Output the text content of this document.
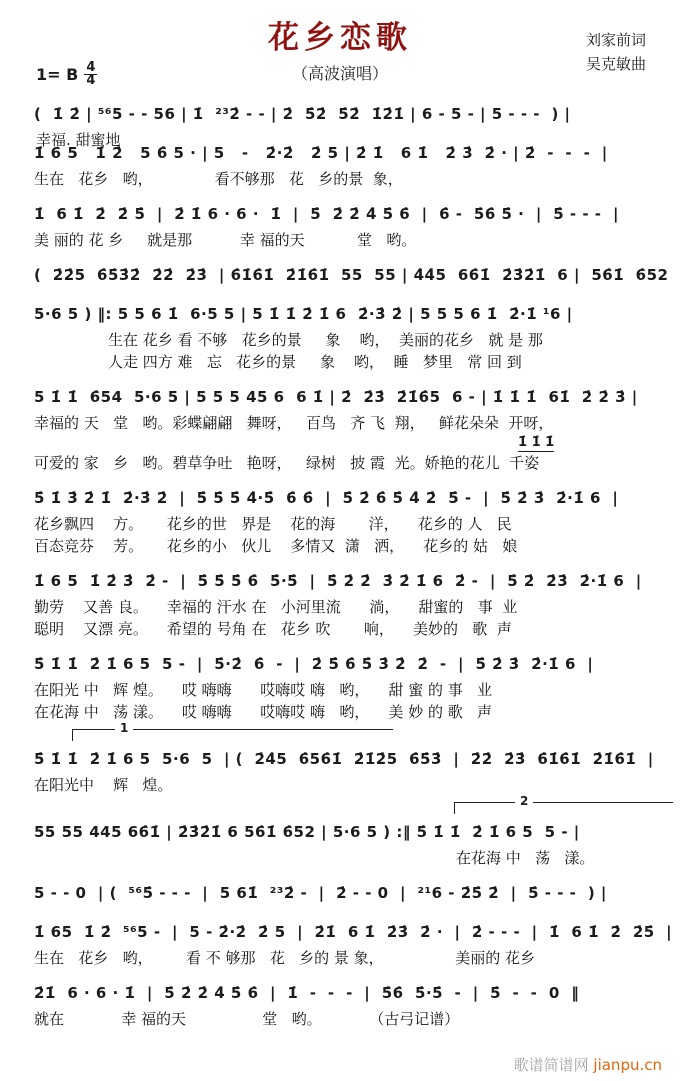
1= B $\frac{4}{4}$

幸福. 甜蜜地

花乡恋歌
（高波演唱）
刘家前词
吴克敏曲
(  1̇ 2̇ | ⁵⁶5 - - 56 | 1̇  ²³2̇ - - | 2̇  5̇2̇  5̇2̇  1̇2̇1̇ | 6 - 5 - | 5 - - -  ) |
1̇ 6 5   1̇ 2̇   5 6̇ 5 · | 5   -   2̇·2̇   2̇ 5 | 2̇ 1̇   6 1̇   2̇ 3̇  2̇ · | 2̇  -  -  -  |
生在   花乡   哟，             看不够那   花   乡的景  象，
1̇  6 1̇  2̇  2̇ 5̇  |  2̇ 1̇ 6 · 6 ·  1̇  |  5̇  2̇ 2̇ 4̇ 5̇ 6̇  |  6̇ -  5̇6̇ 5̇ ·  |  5̇ - - -  |
美 丽的 花 乡     就是那          幸 福的天           堂   哟。
(  2̇2̇5  6̇5̇3̇2̇  2̇2̇  2̇3̇  | 6̇1̇6̇1̇  2̇1̇6̇1̇  55  55 | 4̇4̇5  66̇1̇  2̇3̇2̇1̇  6 |  56̇1̇  6̇52
5·6 5 ) ‖: 5 5 6 1̇  6·5 5 | 5 1̇ 1̇ 2̇ 1̇ 6  2̇·3̇ 2̇ | 5 5 5 6 1̇  2̇·1̇ ¹6 |
生在 花乡 看 不够   花乡的景     象    哟，  美丽的花乡   就 是 那
人走 四方 难   忘   花乡的景     象    哟，  睡   梦里   常 回 到
5 1̇ 1̇  6̇54  5·6 5 | 5 5 5 45 6  6 1̇ | 2̇  2̇3̇  2̇1̇6̇5  6 - | 1̇ 1̇ 1̇  61̇  2̇ 2̇ 3̇ |
幸福的 天   堂   哟。彩蝶翩翩   舞呀，   百鸟   齐 飞  翔，   鲜花朵朵  开呀，
1̇ 1̇ 1̇
可爱的 家   乡   哟。碧草争吐   艳呀，   绿树   披 霞  光。娇艳的花儿  千姿
5̇ 1̇ 3̇ 2̇ 1̇  2̇·3̇ 2̇  |  5̇ 5̇ 5̇ 4̇·5̇  6̇ 6̇  |  5̇ 2̇ 6̇ 5̇ 4̇ 2̇  5̇ -  |  5̇ 2̇ 3̇  2̇·1̇ 6  |
花乡飘四    方。     花乡的世   界是    花的海       洋，    花乡的 人   民
百态竞芬    芳。     花乡的小   伙儿    多情又  潇   洒，    花乡的 姑   娘
1̇ 6 5  1̇ 2̇ 3̇  2̇ -  |  5̇ 5̇ 5̇ 6̇  5̇·5̇  |  5̇ 2̇ 2̇  3̇ 2̇ 1̇ 6  2̇ -  |  5̇ 2̇  2̇3̇  2̇·1̇ 6  |
勤劳    又善 良。    幸福的 汗水 在   小河里流      淌，    甜蜜的   事  业
聪明    又漂 亮。    希望的 号角 在   花乡 吹       响，    美妙的   歌  声
5̇ 1̇ 1̇  2̇ 1̇ 6 5  5 -  |  5̇·2̇  6̇  -  |  2̇ 5̇ 6̇ 5̇ 3̇ 2̇  2̇  -  |  5̇ 2̇ 3̇  2̇·1̇ 6  |
在阳光 中   辉 煌。    哎 嗨嗨      哎嗨哎 嗨   哟，    甜 蜜 的 事   业
在花海 中   荡 漾。    哎 嗨嗨      哎嗨哎 嗨   哟，    美 妙 的 歌   声
1
5̇ 1̇ 1̇  2̇ 1̇ 6 5  5·6  5  | (  2̇4̇5  6̇56̇1̇  2̇1̇2̇5  6̇5̇3̇  |  2̇2̇  2̇3̇  6̇1̇6̇1̇  2̇1̇6̇1̇  |
在阳光中    辉   煌。
2
55 55 445 66̇1̇ | 2̇3̇2̇1̇ 6 56̇1̇ 6̇52 | 5·6 5 ) :‖ 5̇ 1̇ 1̇  2̇ 1̇ 6 5  5 - |
在花海 中   荡   漾。
5 - - 0  | (  ⁵⁶5̇ - - -  |  5 61̇  ²³2̇ -  |  2̇ - - 0  |  ²¹6 - 2̇5̇ 2̇  |  5̇ - - -  ) |
1̇ 65  1̇ 2̇  ⁵⁶5 -  |  5 - 2̇·2̇  2̇ 5  |  2̇1̇  6 1̇  2̇3̇  2̇ ·  |  2̇ - - -  |  1̇  6 1̇  2̇  2̇5̇  |
生在   花乡   哟，       看 不 够那   花   乡的 景 象，               美丽的 花乡
2̇1̇  6 · 6 · 1̇  |  5̇ 2̇ 2̇ 4̇ 5̇ 6̇  |  1̇  -  -  -  |  5̇6̇  5̇·5̇  -  |  5̇  -  -  0  ‖
就在            幸 福的天                堂   哟。          （古弓记谱）
歌谱简谱网 jianpu.cn
